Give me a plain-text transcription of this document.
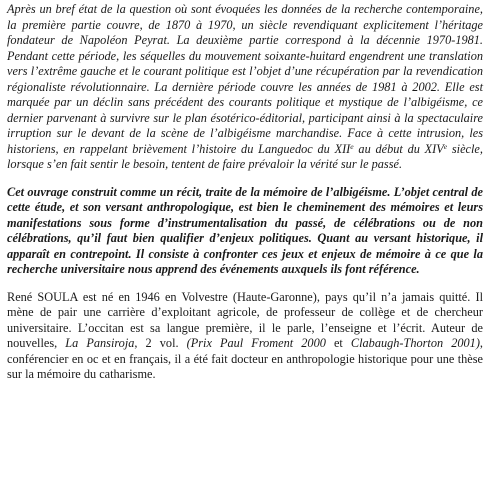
Après un bref état de la question où sont évoquées les données de la recherche contemporaine, la première partie couvre, de 1870 à 1970, un siècle revendiquant explicitement l’héritage fondateur de Napoléon Peyrat. La deuxième partie correspond à la décennie 1970-1981. Pendant cette période, les séquelles du mouvement soixante-huitard engendrent une translation vers l’extrême gauche et le courant politique est l’objet d’une récupération par la revendication régionaliste révolutionnaire. La dernière période couvre les années de 1981 à 2002. Elle est marquée par un déclin sans précédent des courants politique et mystique de l’albigéisme, ce dernier parvenant à survivre sur le plan ésotérico-éditorial, participant ainsi à la spectaculaire irruption sur le devant de la scène de l’albigéisme marchandise. Face à cette intrusion, les historiens, en rappelant brièvement l’histoire du Languedoc du XIIe au début du XIVe siècle, lorsque s’en fait sentir le besoin, tentent de faire prévaloir la vérité sur le passé.

Cet ouvrage construit comme un récit, traite de la mémoire de l’albigéisme. L’objet central de cette étude, et son versant anthropologique, est bien le cheminement des mémoires et leurs manifestations sous forme d’instrumentalisation du passé, de célébrations ou de non célébrations, qu’il faut bien qualifier d’enjeux politiques. Quant au versant historique, il apparaît en contrepoint. Il consiste à confronter ces jeux et enjeux de mémoire à ce que la recherche universitaire nous apprend des événements auxquels ils font référence.

René SOULA est né en 1946 en Volvestre (Haute-Garonne), pays qu’il n’a jamais quitté. Il mène de pair une carrière d’exploitant agricole, de professeur de collège et de chercheur universitaire. L’occitan est sa langue première, il le parle, l’enseigne et l’écrit. Auteur de nouvelles, La Pansiroja, 2 vol. (Prix Paul Froment 2000 et Clabaugh-Thorton 2001), conférencier en oc et en français, il a été fait docteur en anthropologie historique pour une thèse sur la mémoire du catharisme.
